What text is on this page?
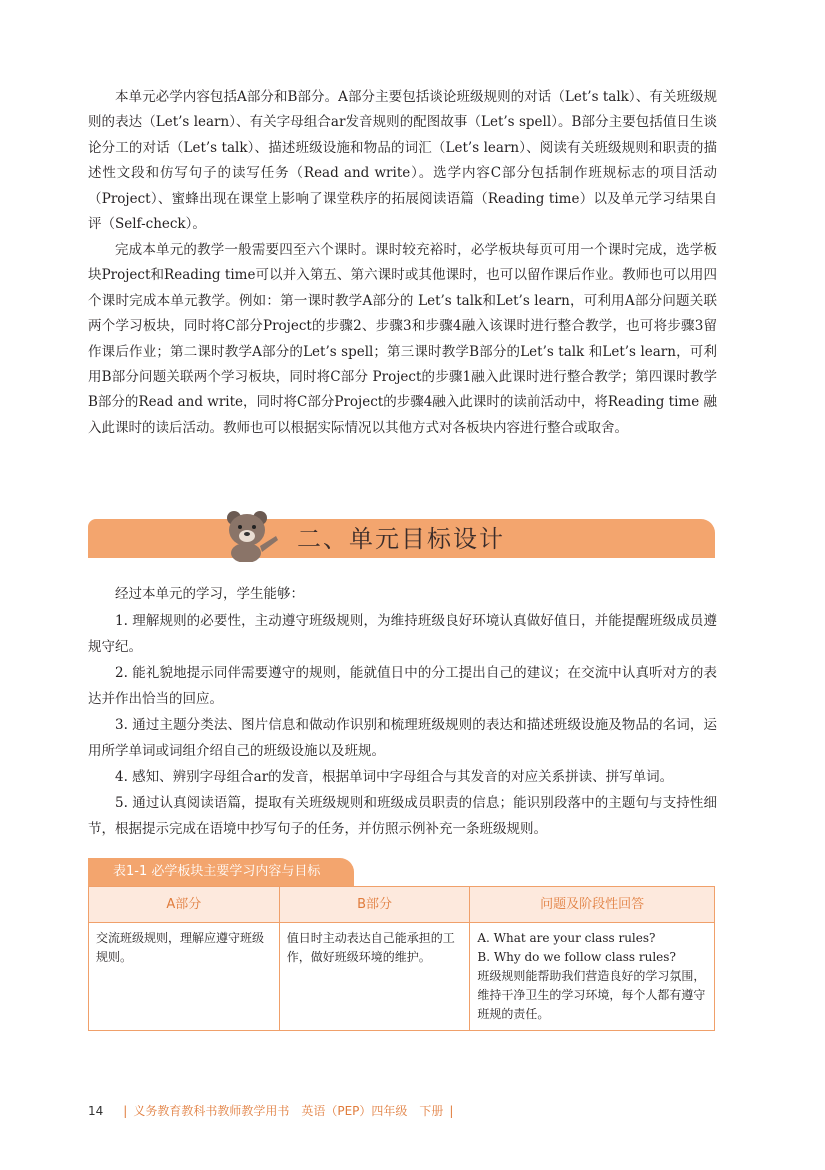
本单元必学内容包括A部分和B部分。A部分主要包括谈论班级规则的对话（Let’s talk）、有关班级规则的表达（Let’s learn）、有关字母组合ar发音规则的配图故事（Let’s spell）。B部分主要包括值日生谈论分工的对话（Let’s talk）、描述班级设施和物品的词汇（Let’s learn）、阅读有关班级规则和职责的描述性文段和仿写句子的读写任务（Read and write）。选学内容C部分包括制作班规标志的项目活动（Project）、蜜蜂出现在课堂上影响了课堂秩序的拓展阅读语篇（Reading time）以及单元学习结果自评（Self-check）。

完成本单元的教学一般需要四至六个课时。课时较充裕时，必学板块每页可用一个课时完成，选学板块Project和Reading time可以并入第五、第六课时或其他课时，也可以留作课后作业。教师也可以用四个课时完成本单元教学。例如：第一课时教学A部分的 Let’s talk和Let’s learn，可利用A部分问题关联两个学习板块，同时将C部分Project的步骤2、步骤3和步骤4融入该课时进行整合教学，也可将步骤3留作课后作业；第二课时教学A部分的Let’s spell；第三课时教学B部分的Let’s talk 和Let’s learn，可利用B部分问题关联两个学习板块，同时将C部分 Project的步骤1融入此课时进行整合教学；第四课时教学B部分的Read and write，同时将C部分Project的步骤4融入此课时的读前活动中，将Reading time 融入此课时的读后活动。教师也可以根据实际情况以其他方式对各板块内容进行整合或取舍。

二、单元目标设计

经过本单元的学习，学生能够：

1. 理解规则的必要性，主动遵守班级规则，为维持班级良好环境认真做好值日，并能提醒班级成员遵规守纪。

2. 能礼貌地提示同伴需要遵守的规则，能就值日中的分工提出自己的建议；在交流中认真听对方的表达并作出恰当的回应。

3. 通过主题分类法、图片信息和做动作识别和梳理班级规则的表达和描述班级设施及物品的名词，运用所学单词或词组介绍自己的班级设施以及班规。

4. 感知、辨别字母组合ar的发音，根据单词中字母组合与其发音的对应关系拼读、拼写单词。

5. 通过认真阅读语篇，提取有关班级规则和班级成员职责的信息；能识别段落中的主题句与支持性细节，根据提示完成在语境中抄写句子的任务，并仿照示例补充一条班级规则。

表1-1 必学板块主要学习内容与目标
A部分	B部分	问题及阶段性回答
交流班级规则，理解应遵守班级规则。	值日时主动表达自己能承担的工作，做好班级环境的维护。	A. What are your class rules?
B. Why do we follow class rules?
班级规则能帮助我们营造良好的学习氛围，维持干净卫生的学习环境，每个人都有遵守班规的责任。
14 | 义务教育教科书教师教学用书　英语（PEP）四年级　下册 |
